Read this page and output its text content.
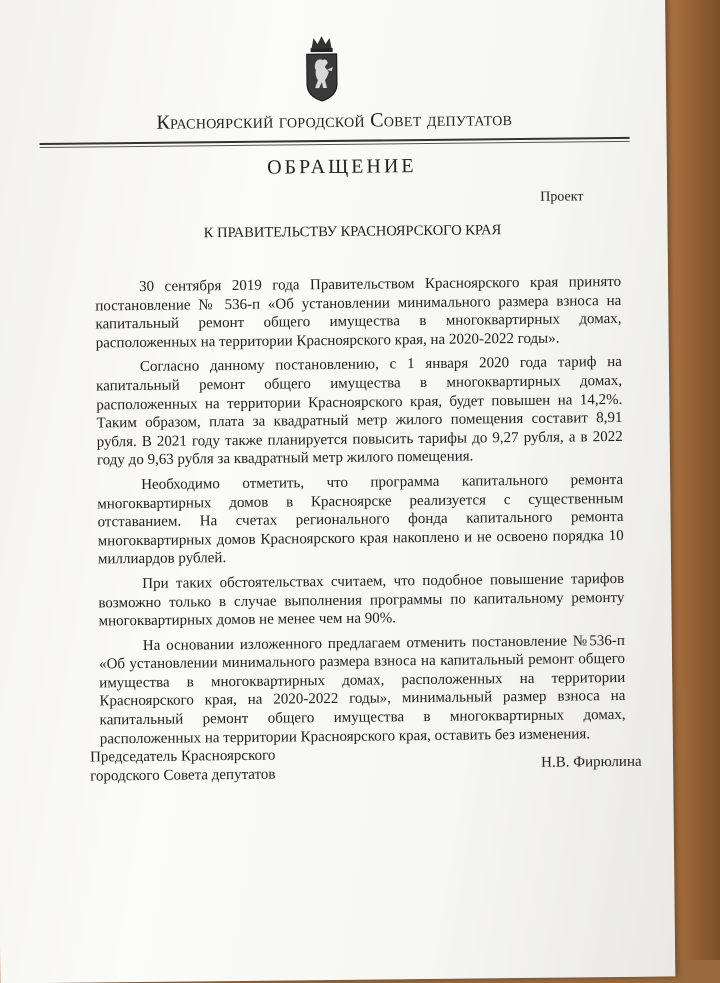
Красноярский городской Совет депутатов
ОБРАЩЕНИЕ
Проект
К ПРАВИТЕЛЬСТВУ КРАСНОЯРСКОГО КРАЯ

30 сентября 2019 года Правительством Красноярского края принято постановление № 536-п «Об установлении минимального размера взноса на капитальный ремонт общего имущества в многоквартирных домах, расположенных на территории Красноярского края, на 2020-2022 годы».

Согласно данному постановлению, с 1 января 2020 года тариф на капитальный ремонт общего имущества в многоквартирных домах, расположенных на территории Красноярского края, будет повышен на 14,2%. Таким образом, плата за квадратный метр жилого помещения составит 8,91 рубля. В 2021 году также планируется повысить тарифы до 9,27 рубля, а в 2022 году до 9,63 рубля за квадратный метр жилого помещения.

Необходимо отметить, что программа капитального ремонта многоквартирных домов в Красноярске реализуется с существенным отставанием. На счетах регионального фонда капитального ремонта многоквартирных домов Красноярского края накоплено и не освоено порядка 10 миллиардов рублей.

При таких обстоятельствах считаем, что подобное повышение тарифов возможно только в случае выполнения программы по капитальному ремонту многоквартирных домов не менее чем на 90%.

На основании изложенного предлагаем отменить постановление №536-п «Об установлении минимального размера взноса на капитальный ремонт общего имущества в многоквартирных домах, расположенных на территории Красноярского края, на 2020-2022 годы», минимальный размер взноса на капитальный ремонт общего имущества в многоквартирных домах, расположенных на территории Красноярского края, оставить без изменения.

Председатель Красноярского
городского Совета депутатов
Н.В. Фирюлина
